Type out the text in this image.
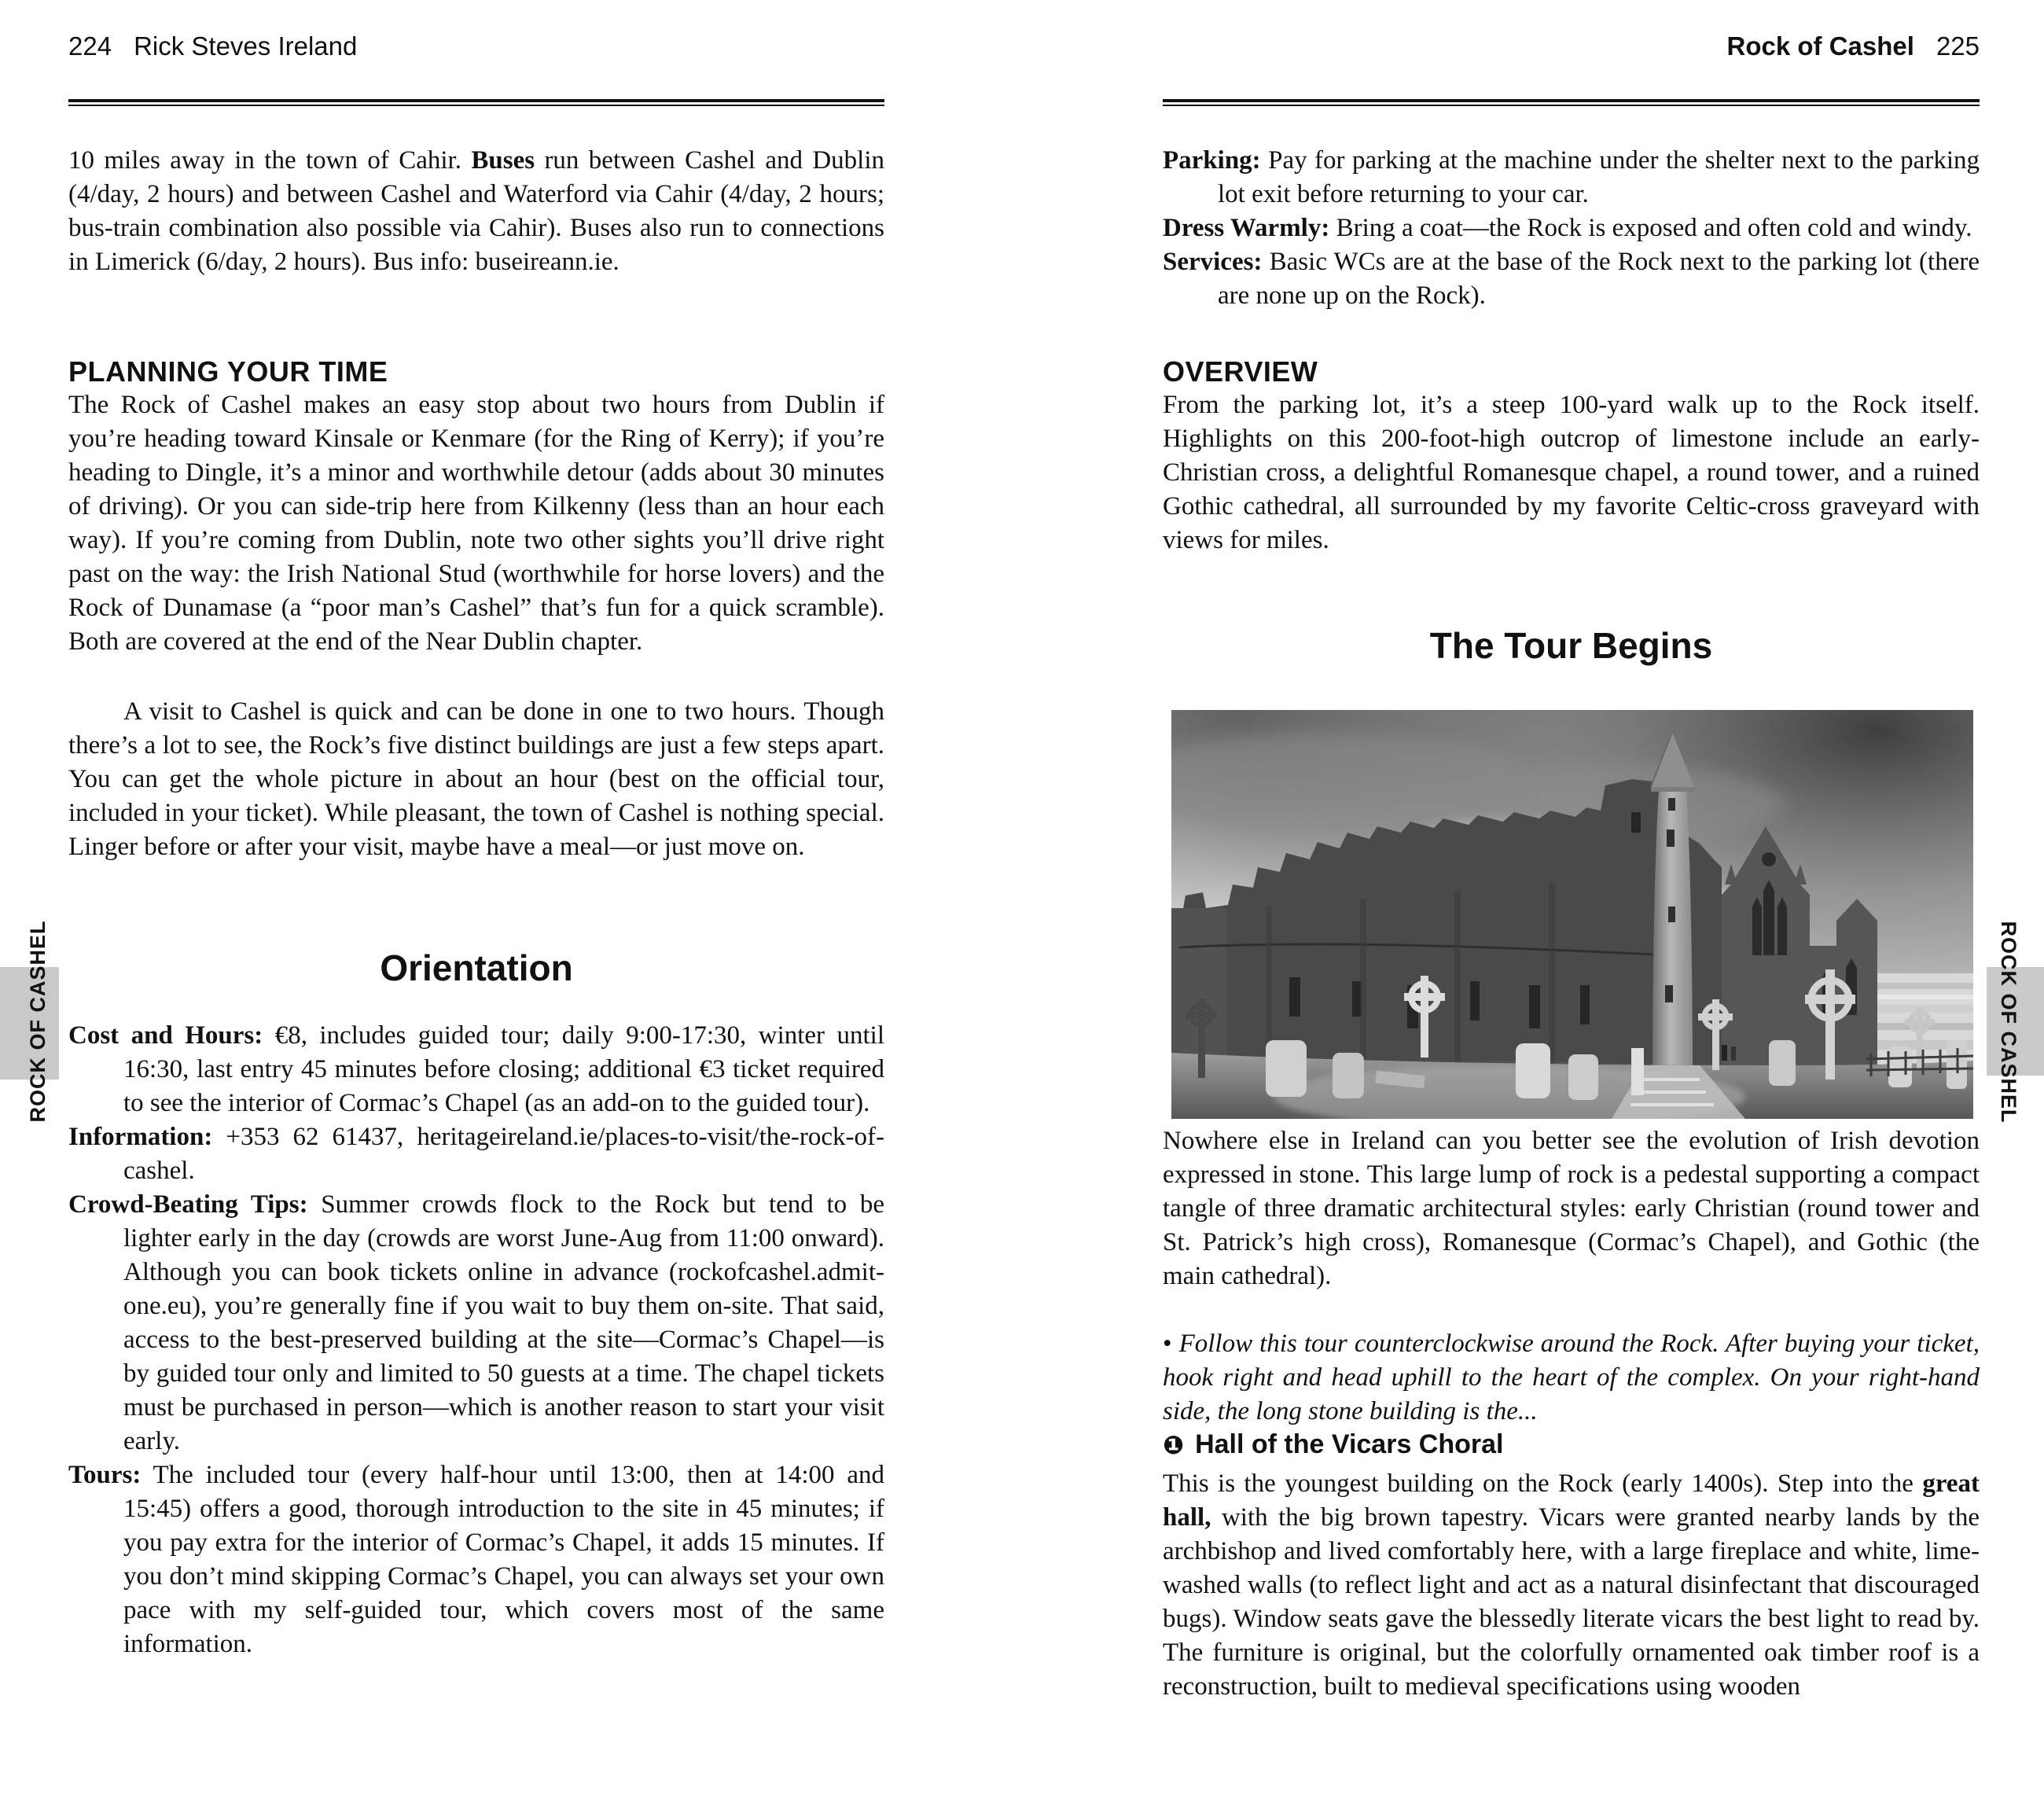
ROCK OF CASHEL	ROCK OF CASHEL
224 Rick Steves Ireland

10 miles away in the town of Cahir. Buses run between Cashel and Dublin (4/day, 2 hours) and between Cashel and Waterford via Cahir (4/day, 2 hours; bus-train combination also possible via Cahir). Buses also run to connections in Limerick (6/day, 2 hours). Bus info: buseireann.ie.

PLANNING YOUR TIME

The Rock of Cashel makes an easy stop about two hours from Dublin if you’re heading toward Kinsale or Kenmare (for the Ring of Kerry); if you’re heading to Dingle, it’s a minor and worthwhile detour (adds about 30 minutes of driving). Or you can side-trip here from Kilkenny (less than an hour each way). If you’re coming from Dublin, note two other sights you’ll drive right past on the way: the Irish National Stud (worthwhile for horse lovers) and the Rock of Dunamase (a “poor man’s Cashel” that’s fun for a quick scramble). Both are covered at the end of the Near Dublin chapter.

A visit to Cashel is quick and can be done in one to two hours. Though there’s a lot to see, the Rock’s five distinct buildings are just a few steps apart. You can get the whole picture in about an hour (best on the official tour, included in your ticket). While pleasant, the town of Cashel is nothing special. Linger before or after your visit, maybe have a meal—or just move on.

Orientation

Cost and Hours: €8, includes guided tour; daily 9:00-17:30, winter until 16:30, last entry 45 minutes before closing; additional €3 ticket required to see the interior of Cormac’s Chapel (as an add-on to the guided tour).

Information: +353 62 61437, heritageireland.ie/places-to-visit/the-rock-of-cashel.

Crowd-Beating Tips: Summer crowds flock to the Rock but tend to be lighter early in the day (crowds are worst June-Aug from 11:00 onward). Although you can book tickets online in advance (rockofcashel.admit-one.eu), you’re generally fine if you wait to buy them on-site. That said, access to the best-preserved building at the site—Cormac’s Chapel—is by guided tour only and limited to 50 guests at a time. The chapel tickets must be purchased in person—which is another reason to start your visit early.

Tours: The included tour (every half-hour until 13:00, then at 14:00 and 15:45) offers a good, thorough introduction to the site in 45 minutes; if you pay extra for the interior of Cormac’s Chapel, it adds 15 minutes. If you don’t mind skipping Cormac’s Chapel, you can always set your own pace with my self-guided tour, which covers most of the same information.

Rock of Cashel 225

Parking: Pay for parking at the machine under the shelter next to the parking lot exit before returning to your car.

Dress Warmly: Bring a coat—the Rock is exposed and often cold and windy.

Services: Basic WCs are at the base of the Rock next to the parking lot (there are none up on the Rock).

OVERVIEW

From the parking lot, it’s a steep 100-yard walk up to the Rock itself. Highlights on this 200-foot-high outcrop of limestone include an early-Christian cross, a delightful Romanesque chapel, a round tower, and a ruined Gothic cathedral, all surrounded by my favorite Celtic-cross graveyard with views for miles.

The Tour Begins

Nowhere else in Ireland can you better see the evolution of Irish devotion expressed in stone. This large lump of rock is a pedestal supporting a compact tangle of three dramatic architectural styles: early Christian (round tower and St. Patrick’s high cross), Romanesque (Cormac’s Chapel), and Gothic (the main cathedral).

• Follow this tour counterclockwise around the Rock. After buying your ticket, hook right and head uphill to the heart of the complex. On your right-hand side, the long stone building is the...

❶ Hall of the Vicars Choral

This is the youngest building on the Rock (early 1400s). Step into the great hall, with the big brown tapestry. Vicars were granted nearby lands by the archbishop and lived comfortably here, with a large fireplace and white, lime-washed walls (to reflect light and act as a natural disinfectant that discouraged bugs). Window seats gave the blessedly literate vicars the best light to read by. The furniture is original, but the colorfully ornamented oak timber roof is a reconstruction, built to medieval specifications using wooden
